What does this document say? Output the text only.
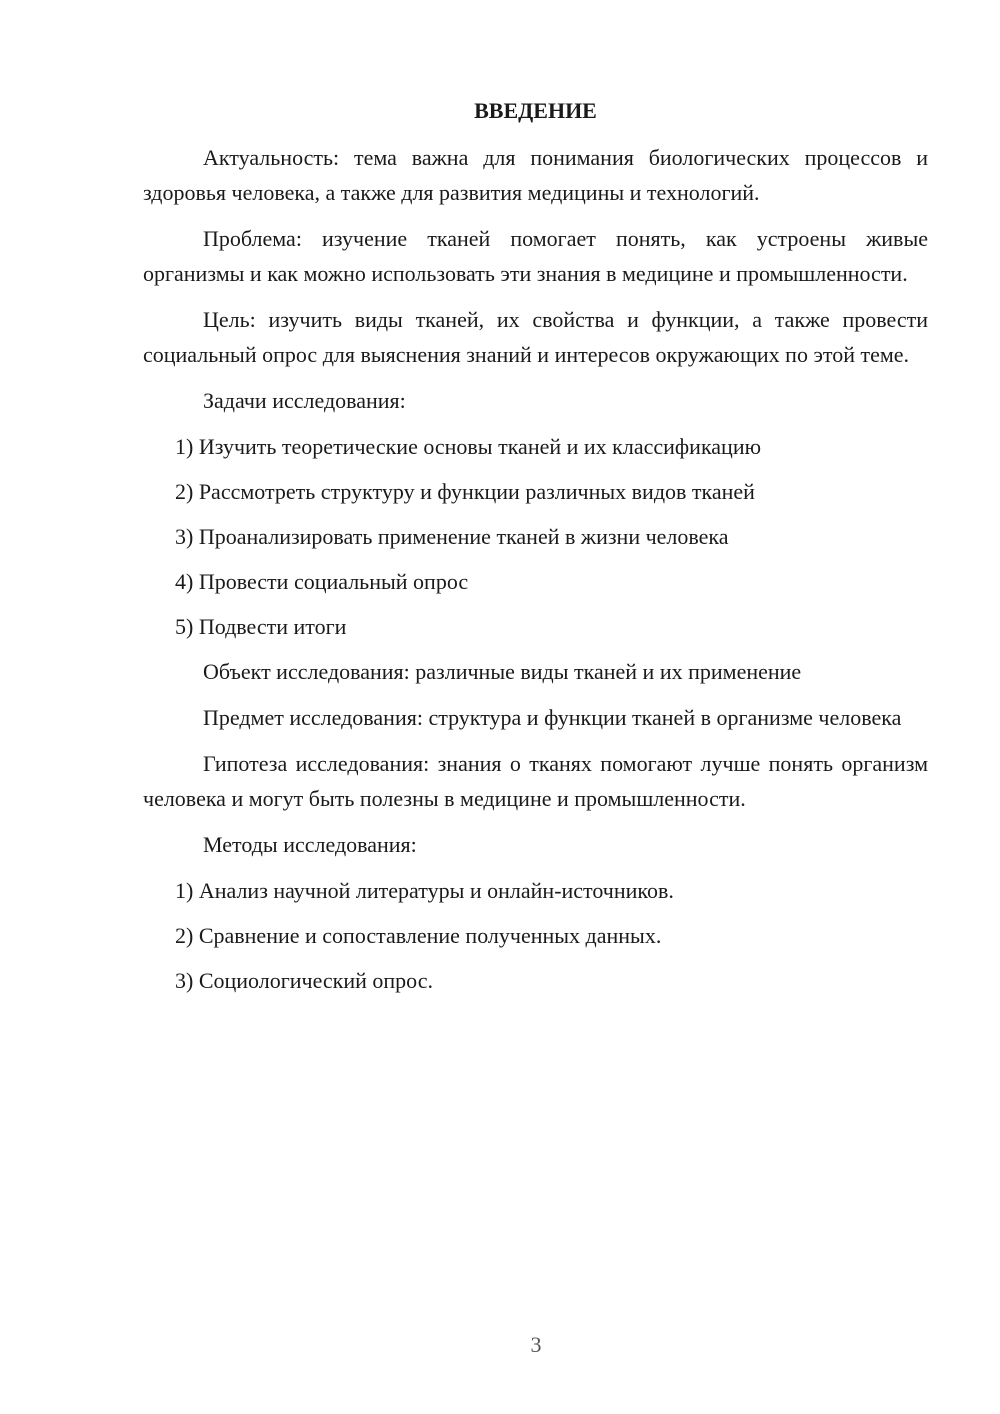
ВВЕДЕНИЕ

Актуальность: тема важна для понимания биологических процессов и здоровья человека, а также для развития медицины и технологий.

Проблема: изучение тканей помогает понять, как устроены живые организмы и как можно использовать эти знания в медицине и промышленности.

Цель: изучить виды тканей, их свойства и функции, а также провести социальный опрос для выяснения знаний и интересов окружающих по этой теме.

Задачи исследования:

1) Изучить теоретические основы тканей и их классификацию
2) Рассмотреть структуру и функции различных видов тканей
3) Проанализировать применение тканей в жизни человека
4) Провести социальный опрос
5) Подвести итоги

Объект исследования: различные виды тканей и их применение

Предмет исследования: структура и функции тканей в организме человека

Гипотеза исследования: знания о тканях помогают лучше понять организм человека и могут быть полезны в медицине и промышленности.

Методы исследования:

1) Анализ научной литературы и онлайн-источников.
2) Сравнение и сопоставление полученных данных.
3) Социологический опрос.
3
